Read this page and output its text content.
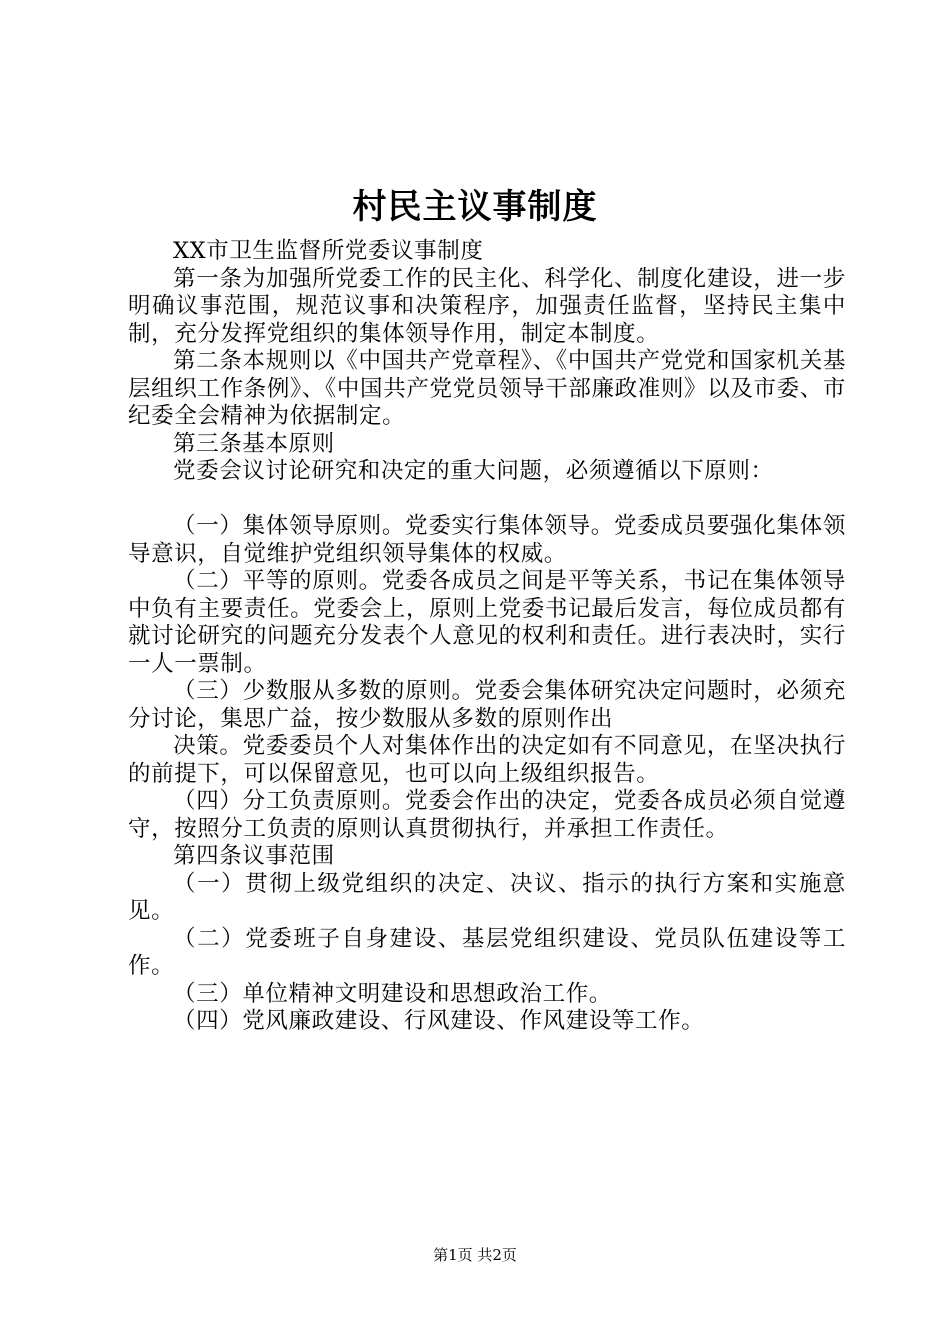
村民主议事制度

XX市卫生监督所党委议事制度

第一条为加强所党委工作的民主化、科学化、制度化建设，进一步明确议事范围，规范议事和决策程序，加强责任监督，坚持民主集中制，充分发挥党组织的集体领导作用，制定本制度。

第二条本规则以《中国共产党章程》、《中国共产党党和国家机关基层组织工作条例》、《中国共产党党员领导干部廉政准则》以及市委、市纪委全会精神为依据制定。

第三条基本原则

党委会议讨论研究和决定的重大问题，必须遵循以下原则：

（一）集体领导原则。党委实行集体领导。党委成员要强化集体领导意识，自觉维护党组织领导集体的权威。

（二）平等的原则。党委各成员之间是平等关系，书记在集体领导中负有主要责任。党委会上，原则上党委书记最后发言，每位成员都有就讨论研究的问题充分发表个人意见的权利和责任。进行表决时，实行一人一票制。

（三）少数服从多数的原则。党委会集体研究决定问题时，必须充分讨论，集思广益，按少数服从多数的原则作出

决策。党委委员个人对集体作出的决定如有不同意见，在坚决执行的前提下，可以保留意见，也可以向上级组织报告。

（四）分工负责原则。党委会作出的决定，党委各成员必须自觉遵守，按照分工负责的原则认真贯彻执行，并承担工作责任。

第四条议事范围

（一）贯彻上级党组织的决定、决议、指示的执行方案和实施意见。

（二）党委班子自身建设、基层党组织建设、党员队伍建设等工作。

（三）单位精神文明建设和思想政治工作。

（四）党风廉政建设、行风建设、作风建设等工作。

第1页 共2页
